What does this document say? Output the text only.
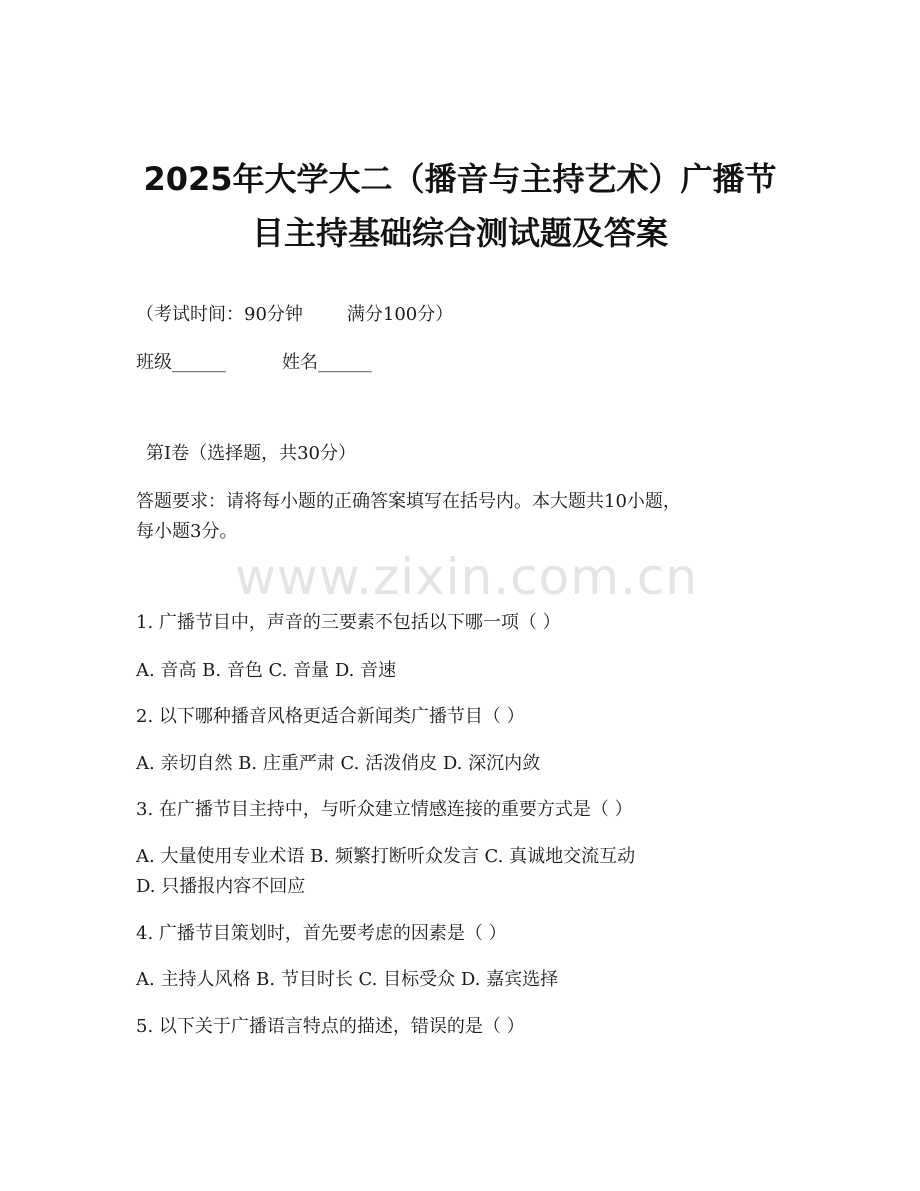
2025年大学大二（播音与主持艺术）广播节
目主持基础综合测试题及答案
（考试时间：90分钟 满分100分）
班级______	姓名______
第Ⅰ卷（选择题，共30分）
答题要求：请将每小题的正确答案填写在括号内。本大题共10小题，
每小题3分。
www.zixin.com.cn
1. 广播节目中，声音的三要素不包括以下哪一项（ ）
A. 音高 B. 音色 C. 音量 D. 音速
2. 以下哪种播音风格更适合新闻类广播节目（ ）
A. 亲切自然 B. 庄重严肃 C. 活泼俏皮 D. 深沉内敛
3. 在广播节目主持中，与听众建立情感连接的重要方式是（ ）
A. 大量使用专业术语 B. 频繁打断听众发言 C. 真诚地交流互动
D. 只播报内容不回应
4. 广播节目策划时，首先要考虑的因素是（ ）
A. 主持人风格 B. 节目时长 C. 目标受众 D. 嘉宾选择
5. 以下关于广播语言特点的描述，错误的是（ ）
